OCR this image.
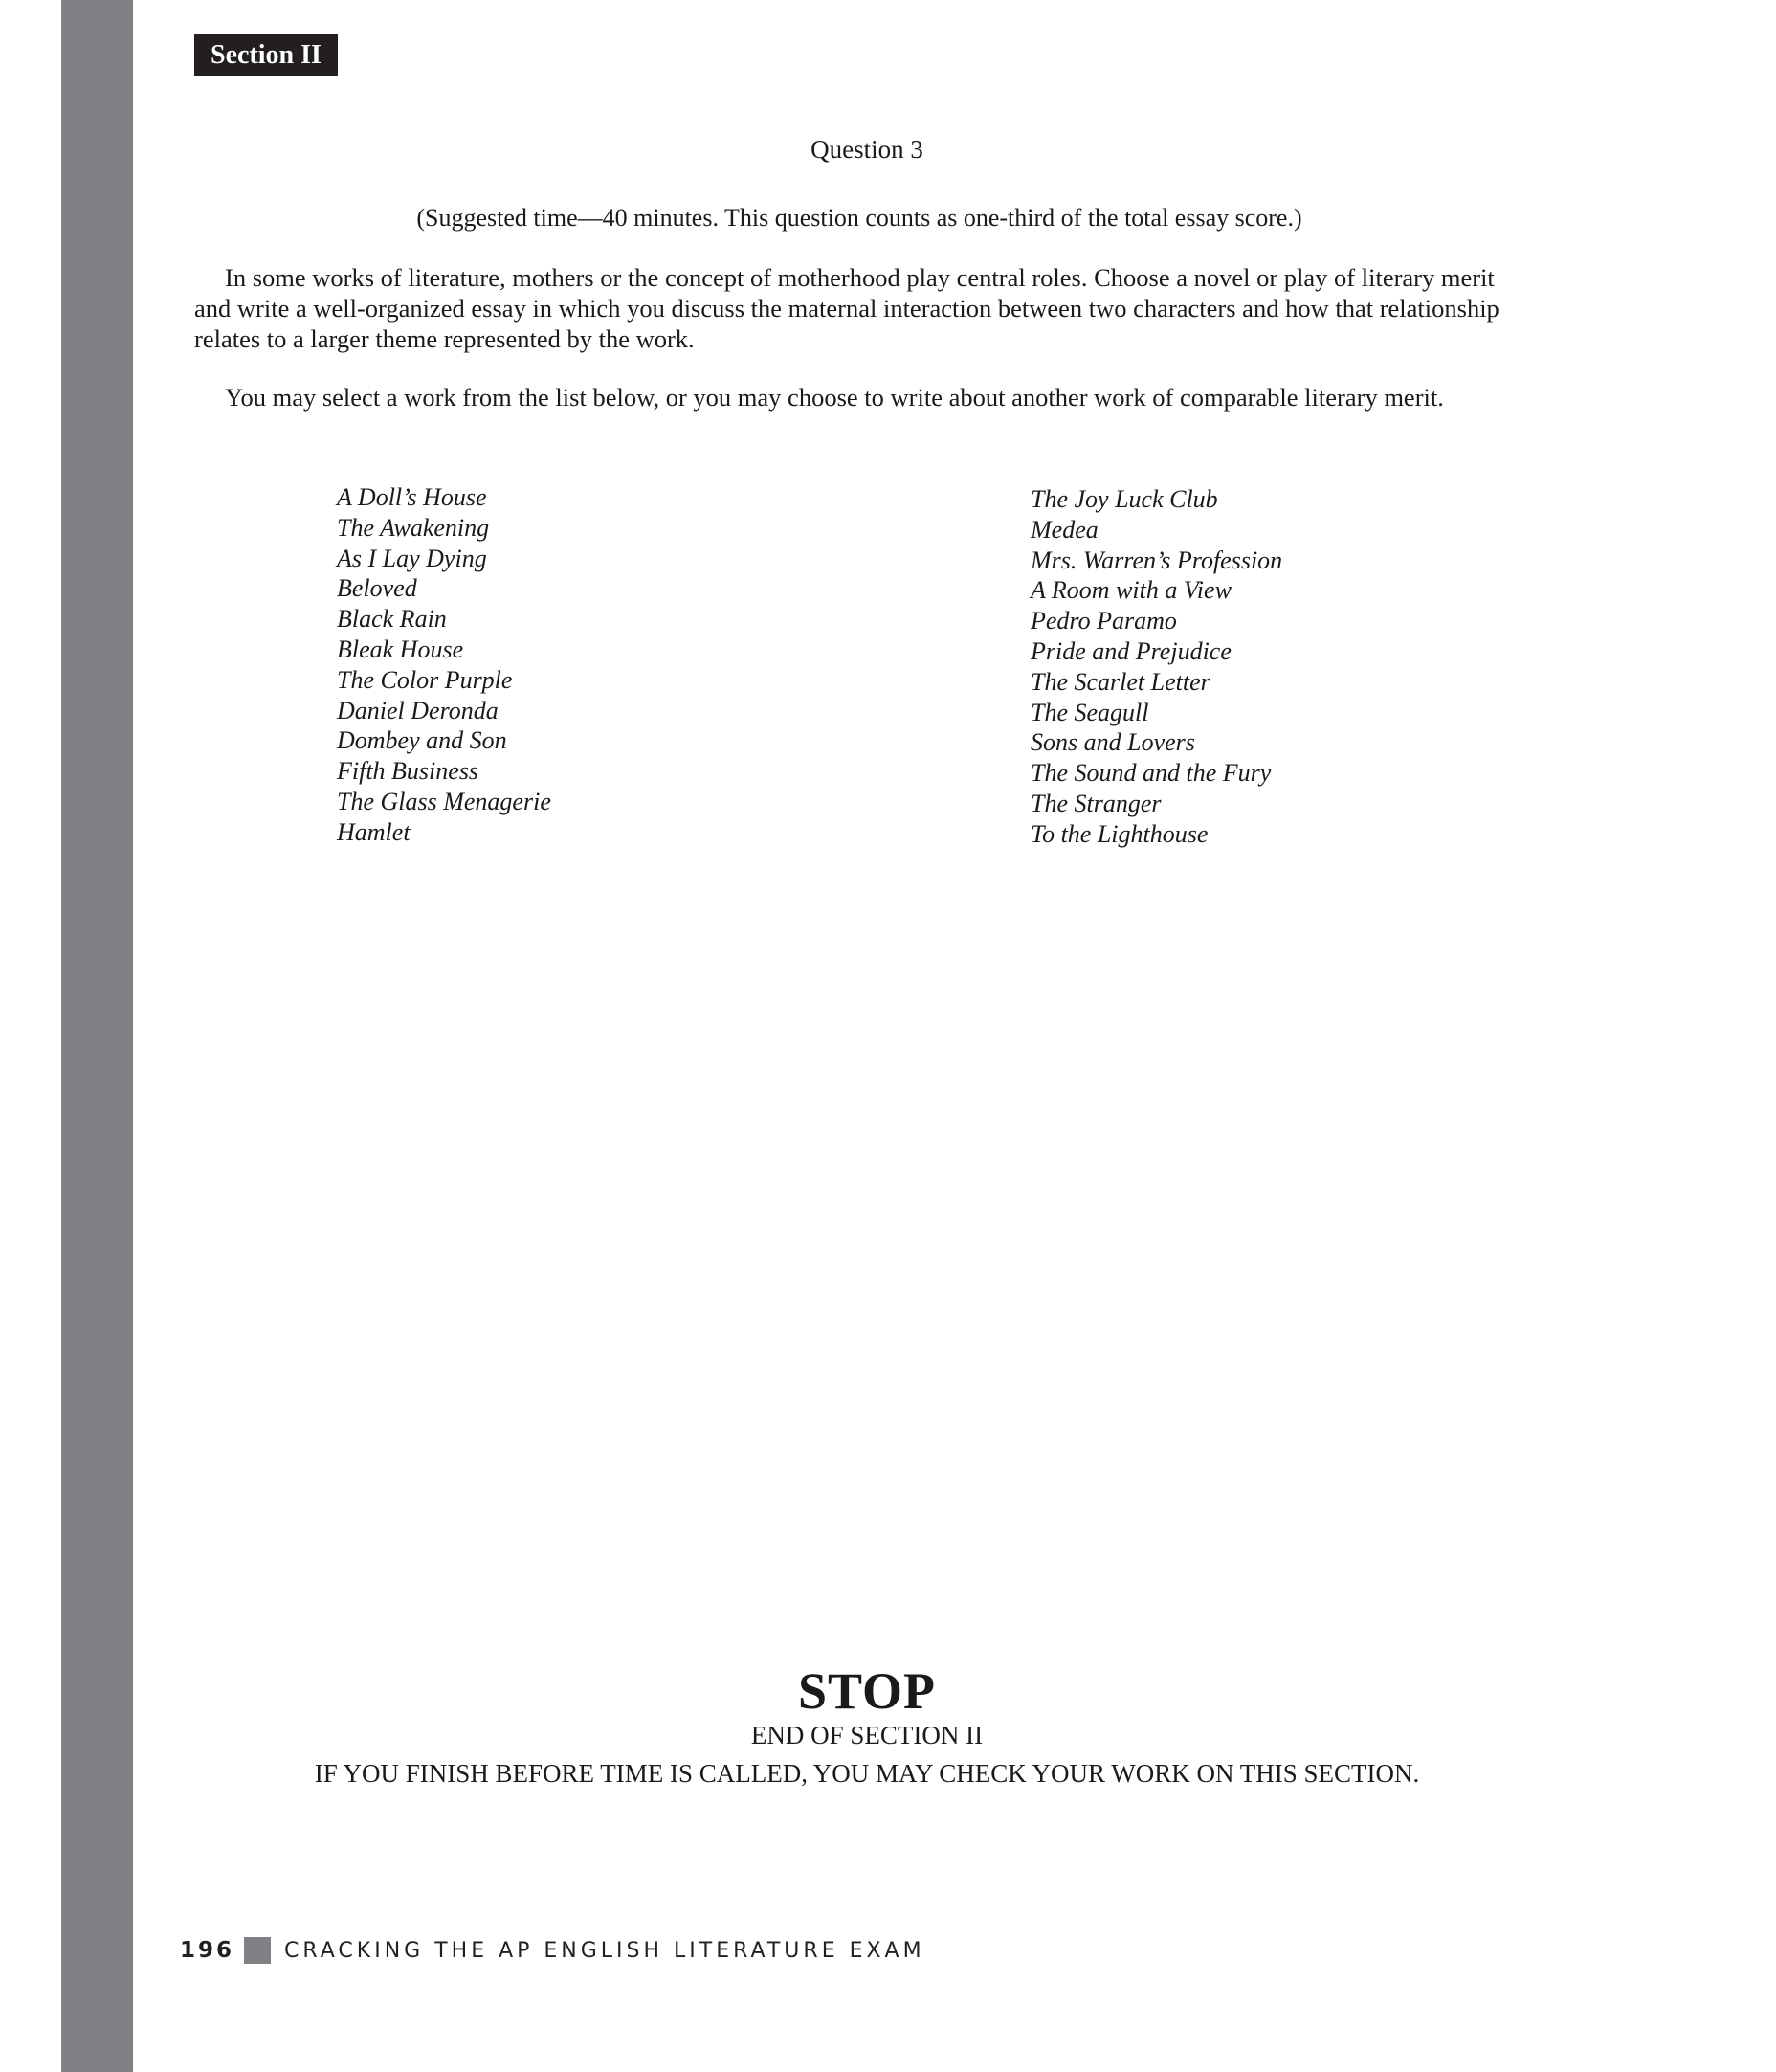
Section II
Question 3
(Suggested time—40 minutes. This question counts as one-third of the total essay score.)

In some works of literature, mothers or the concept of motherhood play central roles. Choose a novel or play of literary merit and write a well-organized essay in which you discuss the maternal interaction between two characters and how that relationship relates to a larger theme represented by the work.

You may select a work from the list below, or you may choose to write about another work of comparable literary merit.

A Doll’s House
The Awakening
As I Lay Dying
Beloved
Black Rain
Bleak House
The Color Purple
Daniel Deronda
Dombey and Son
Fifth Business
The Glass Menagerie
Hamlet
The Joy Luck Club
Medea
Mrs. Warren’s Profession
A Room with a View
Pedro Paramo
Pride and Prejudice
The Scarlet Letter
The Seagull
Sons and Lovers
The Sound and the Fury
The Stranger
To the Lighthouse
STOP
END OF SECTION II
IF YOU FINISH BEFORE TIME IS CALLED, YOU MAY CHECK YOUR WORK ON THIS SECTION.
196 CRACKING THE AP ENGLISH LITERATURE EXAM
